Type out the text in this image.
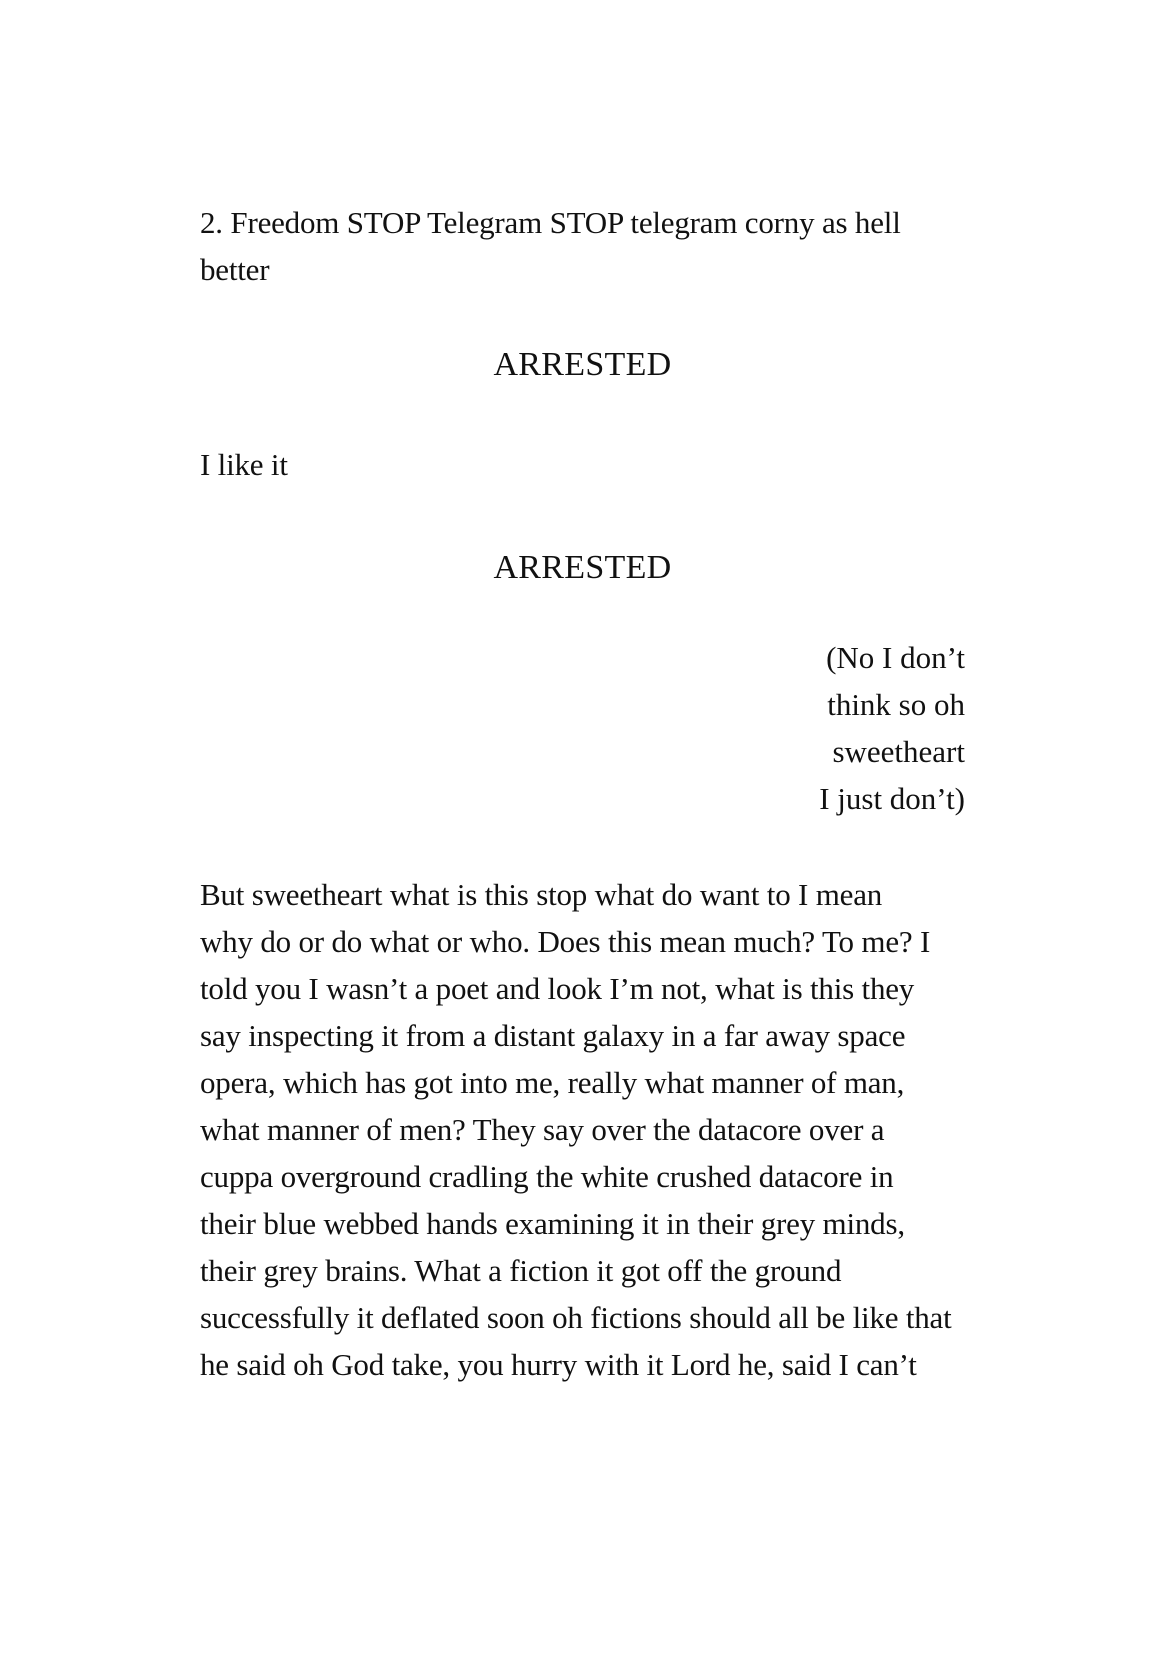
2. Freedom STOP Telegram STOP telegram corny as hell
better
ARRESTED
I like it
ARRESTED
(No I don’t
think so oh
sweetheart
I just don’t)
But sweetheart what is this stop what do want to I mean
why do or do what or who. Does this mean much? To me? I
told you I wasn’t a poet and look I’m not, what is this they
say inspecting it from a distant galaxy in a far away space
opera, which has got into me, really what manner of man,
what manner of men? They say over the datacore over a
cuppa overground cradling the white crushed datacore in
their blue webbed hands examining it in their grey minds,
their grey brains. What a fiction it got off the ground
successfully it deflated soon oh fictions should all be like that
he said oh God take, you hurry with it Lord he, said I can’t
